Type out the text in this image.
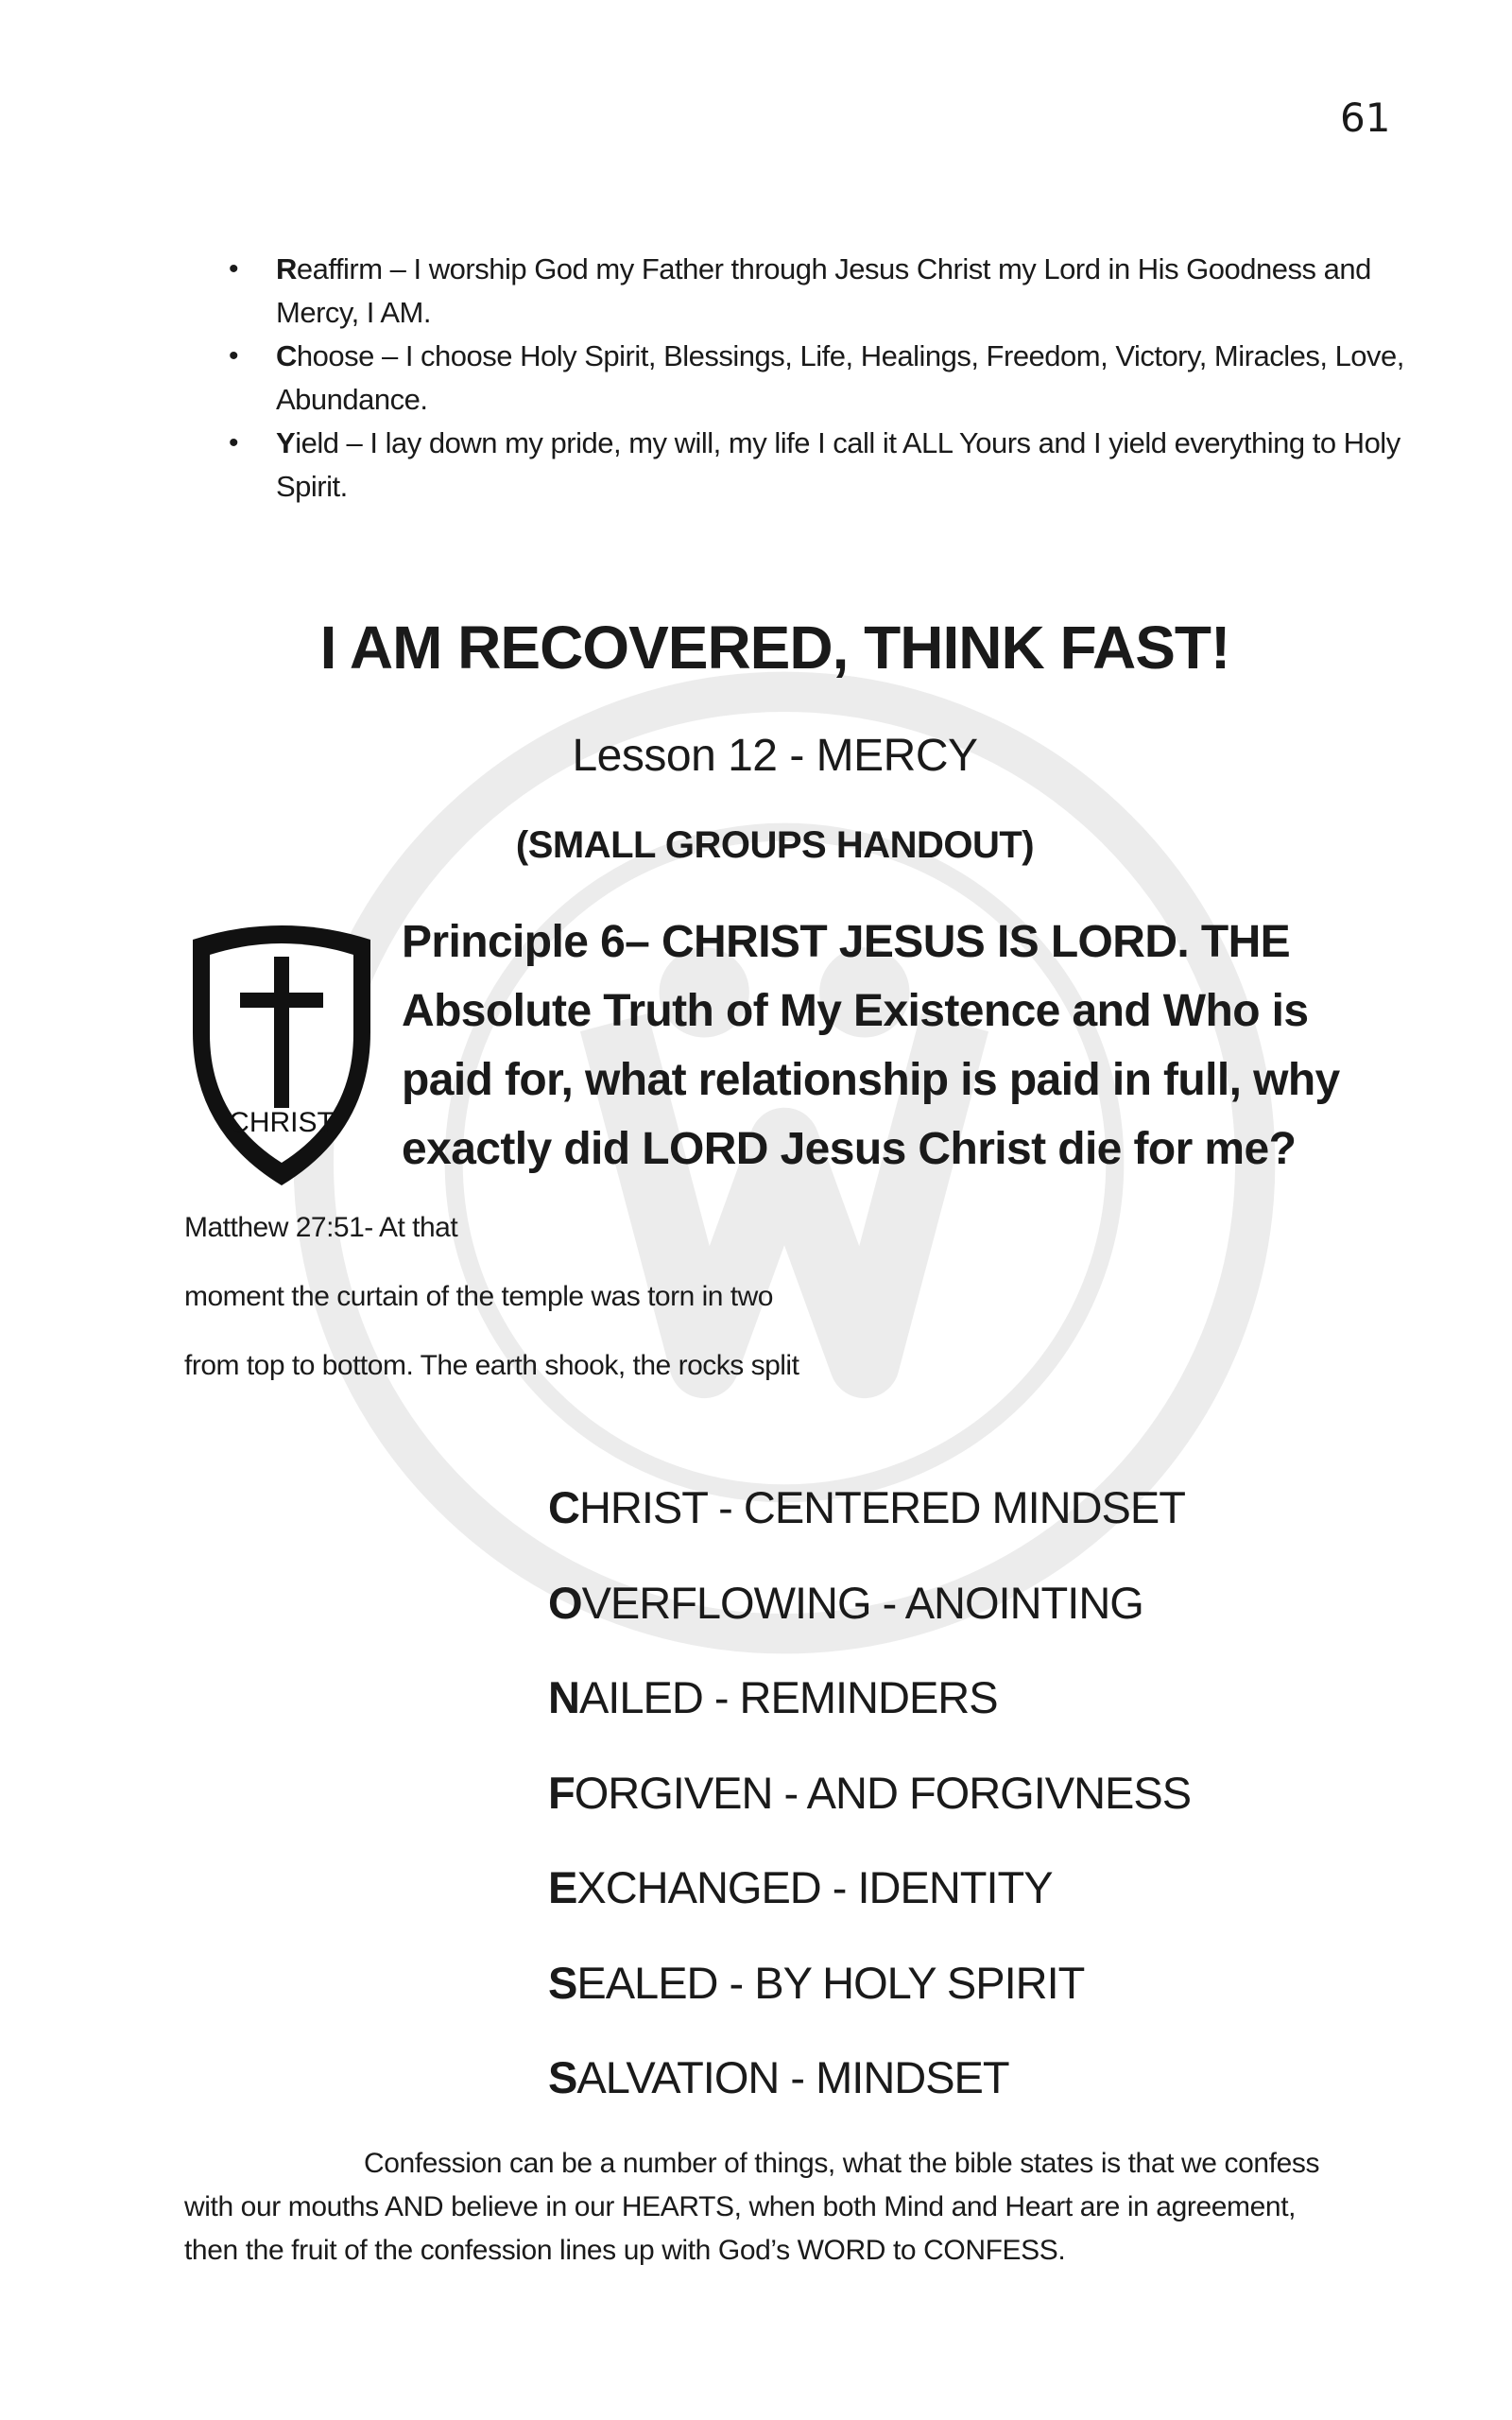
61
• Reaffirm – I worship God my Father through Jesus Christ my Lord in His Goodness and Mercy, I AM.
• Choose – I choose Holy Spirit, Blessings, Life, Healings, Freedom, Victory, Miracles, Love, Abundance.
• Yield – I lay down my pride, my will, my life I call it ALL Yours and I yield everything to Holy Spirit.
I AM RECOVERED, THINK FAST!
Lesson 12 - MERCY
(SMALL GROUPS HANDOUT)
CHRIST
Principle 6– CHRIST JESUS IS LORD. THE Absolute Truth of My Existence and Who is paid for, what relationship is paid in full, why exactly did LORD Jesus Christ die for me?
Matthew 27:51- At that
moment the curtain of the temple was torn in two
from top to bottom. The earth shook, the rocks split
CHRIST - CENTERED MINDSET
OVERFLOWING - ANOINTING
NAILED - REMINDERS
FORGIVEN - AND FORGIVNESS
EXCHANGED - IDENTITY
SEALED - BY HOLY SPIRIT
SALVATION - MINDSET
Confession can be a number of things, what the bible states is that we confess with our mouths AND believe in our HEARTS, when both Mind and Heart are in agreement, then the fruit of the confession lines up with God’s WORD to CONFESS.
